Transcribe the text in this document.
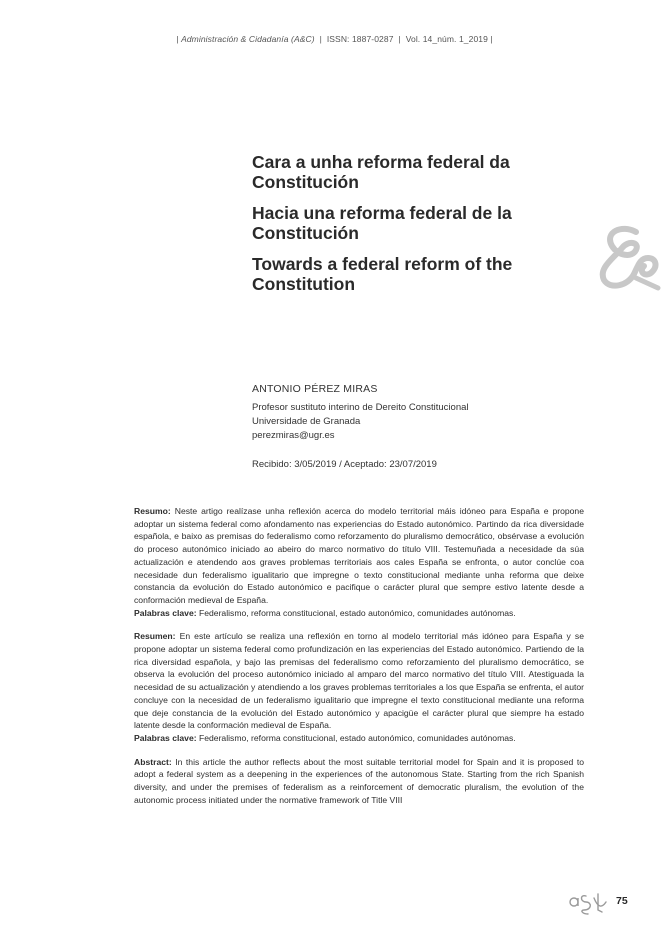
| Administración & Cidadanía (A&C)  |  ISSN: 1887-0287  |  Vol. 14_núm. 1_2019 |
Cara a unha reforma federal da Constitución
Hacia una reforma federal de la Constitución
Towards a federal reform of the Constitution
ANTONIO PÉREZ MIRAS
Profesor sustituto interino de Dereito Constitucional
Universidade de Granada
perezmiras@ugr.es
Recibido: 3/05/2019 / Aceptado: 23/07/2019

Resumo: Neste artigo realízase unha reflexión acerca do modelo territorial máis idóneo para España e propone adoptar un sistema federal como afondamento nas experiencias do Estado autonómico. Partindo da rica diversidade española, e baixo as premisas do federalismo como reforzamento do pluralismo democrático, obsérvase a evolución do proceso autonómico iniciado ao abeiro do marco normativo do título VIII. Testemuñada a necesidade da súa actualización e atendendo aos graves problemas territoriais aos cales España se enfronta, o autor conclúe coa necesidade dun federalismo igualitario que impregne o texto constitucional mediante unha reforma que deixe constancia da evolución do Estado autonómico e pacifique o carácter plural que sempre estivo latente desde a conformación medieval de España.

Palabras clave: Federalismo, reforma constitucional, estado autonómico, comunidades autónomas.

Resumen: En este artículo se realiza una reflexión en torno al modelo territorial más idóneo para España y se propone adoptar un sistema federal como profundización en las experiencias del Estado autonómico. Partiendo de la rica diversidad española, y bajo las premisas del federalismo como reforzamiento del pluralismo democrático, se observa la evolución del proceso autonómico iniciado al amparo del marco normativo del título VIII. Atestiguada la necesidad de su actualización y atendiendo a los graves problemas territoriales a los que España se enfrenta, el autor concluye con la necesidad de un federalismo igualitario que impregne el texto constitucional mediante una reforma que deje constancia de la evolución del Estado autonómico y apacigüe el carácter plural que siempre ha estado latente desde la conformación medieval de España.

Palabras clave: Federalismo, reforma constitucional, estado autonómico, comunidades autónomas.

Abstract: In this article the author reflects about the most suitable territorial model for Spain and it is proposed to adopt a federal system as a deepening in the experiences of the autonomous State. Starting from the rich Spanish diversity, and under the premises of federalism as a reinforcement of democratic pluralism, the evolution of the autonomic process initiated under the normative framework of Title VIII

75
